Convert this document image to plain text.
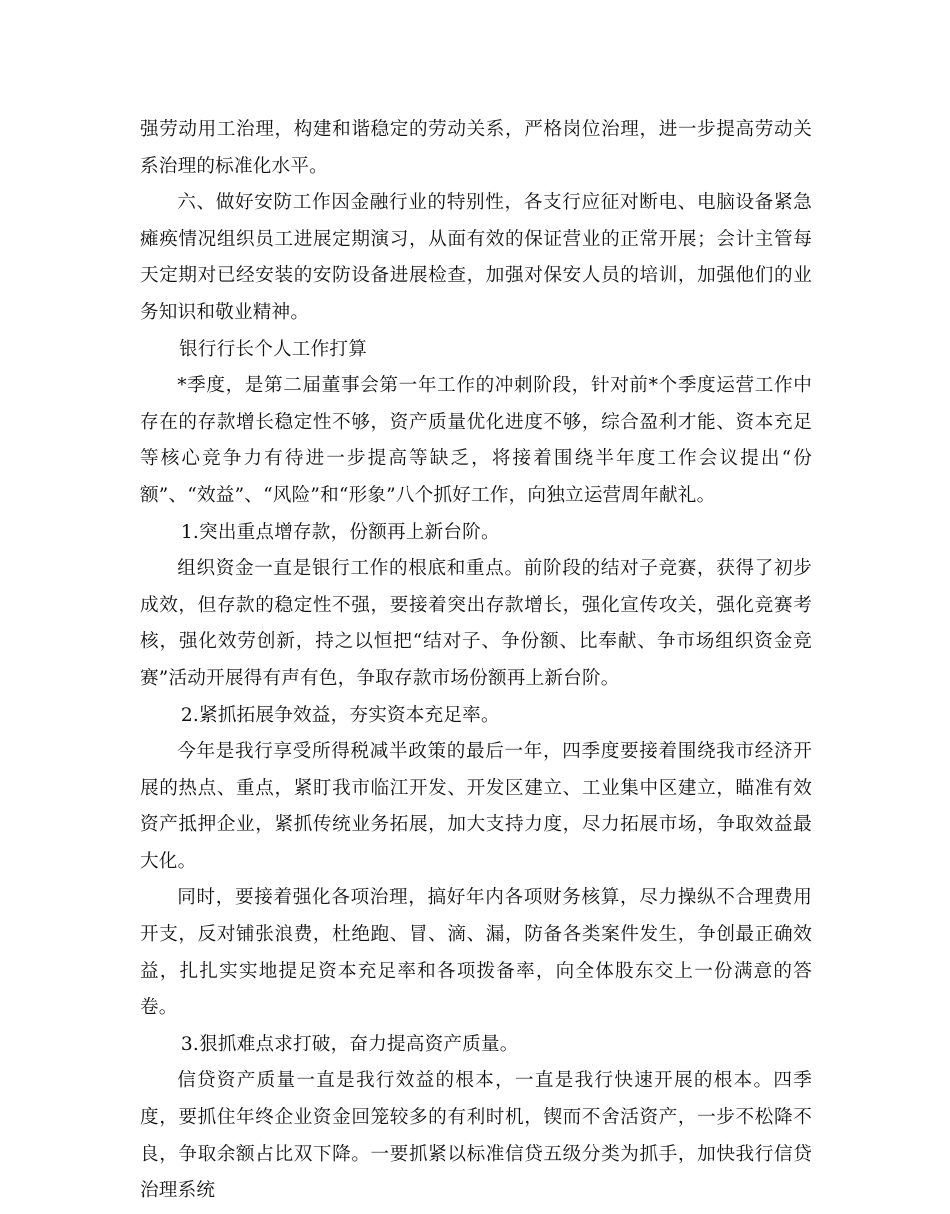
强劳动用工治理，构建和谐稳定的劳动关系，严格岗位治理，进一步提高劳动关系治理的标准化水平。

六、做好安防工作因金融行业的特别性，各支行应征对断电、电脑设备紧急瘫痪情况组织员工进展定期演习，从面有效的保证营业的正常开展；会计主管每天定期对已经安装的安防设备进展检查，加强对保安人员的培训，加强他们的业务知识和敬业精神。

银行行长个人工作打算

*季度，是第二届董事会第一年工作的冲刺阶段，针对前*个季度运营工作中存在的存款增长稳定性不够，资产质量优化进度不够，综合盈利才能、资本充足等核心竞争力有待进一步提高等缺乏，将接着围绕半年度工作会议提出“份额”、“效益”、“风险”和“形象”八个抓好工作，向独立运营周年献礼。

1.突出重点增存款，份额再上新台阶。

组织资金一直是银行工作的根底和重点。前阶段的结对子竞赛，获得了初步成效，但存款的稳定性不强，要接着突出存款增长，强化宣传攻关，强化竞赛考核，强化效劳创新，持之以恒把“结对子、争份额、比奉献、争市场组织资金竞赛”活动开展得有声有色，争取存款市场份额再上新台阶。

2.紧抓拓展争效益，夯实资本充足率。

今年是我行享受所得税减半政策的最后一年，四季度要接着围绕我市经济开展的热点、重点，紧盯我市临江开发、开发区建立、工业集中区建立，瞄准有效资产抵押企业，紧抓传统业务拓展，加大支持力度，尽力拓展市场，争取效益最大化。

同时，要接着强化各项治理，搞好年内各项财务核算，尽力操纵不合理费用开支，反对铺张浪费，杜绝跑、冒、滴、漏，防备各类案件发生，争创最正确效益，扎扎实实地提足资本充足率和各项拨备率，向全体股东交上一份满意的答卷。

3.狠抓难点求打破，奋力提高资产质量。

信贷资产质量一直是我行效益的根本，一直是我行快速开展的根本。四季度，要抓住年终企业资金回笼较多的有利时机，锲而不舍活资产，一步不松降不良，争取余额占比双下降。一要抓紧以标准信贷五级分类为抓手，加快我行信贷治理系统
